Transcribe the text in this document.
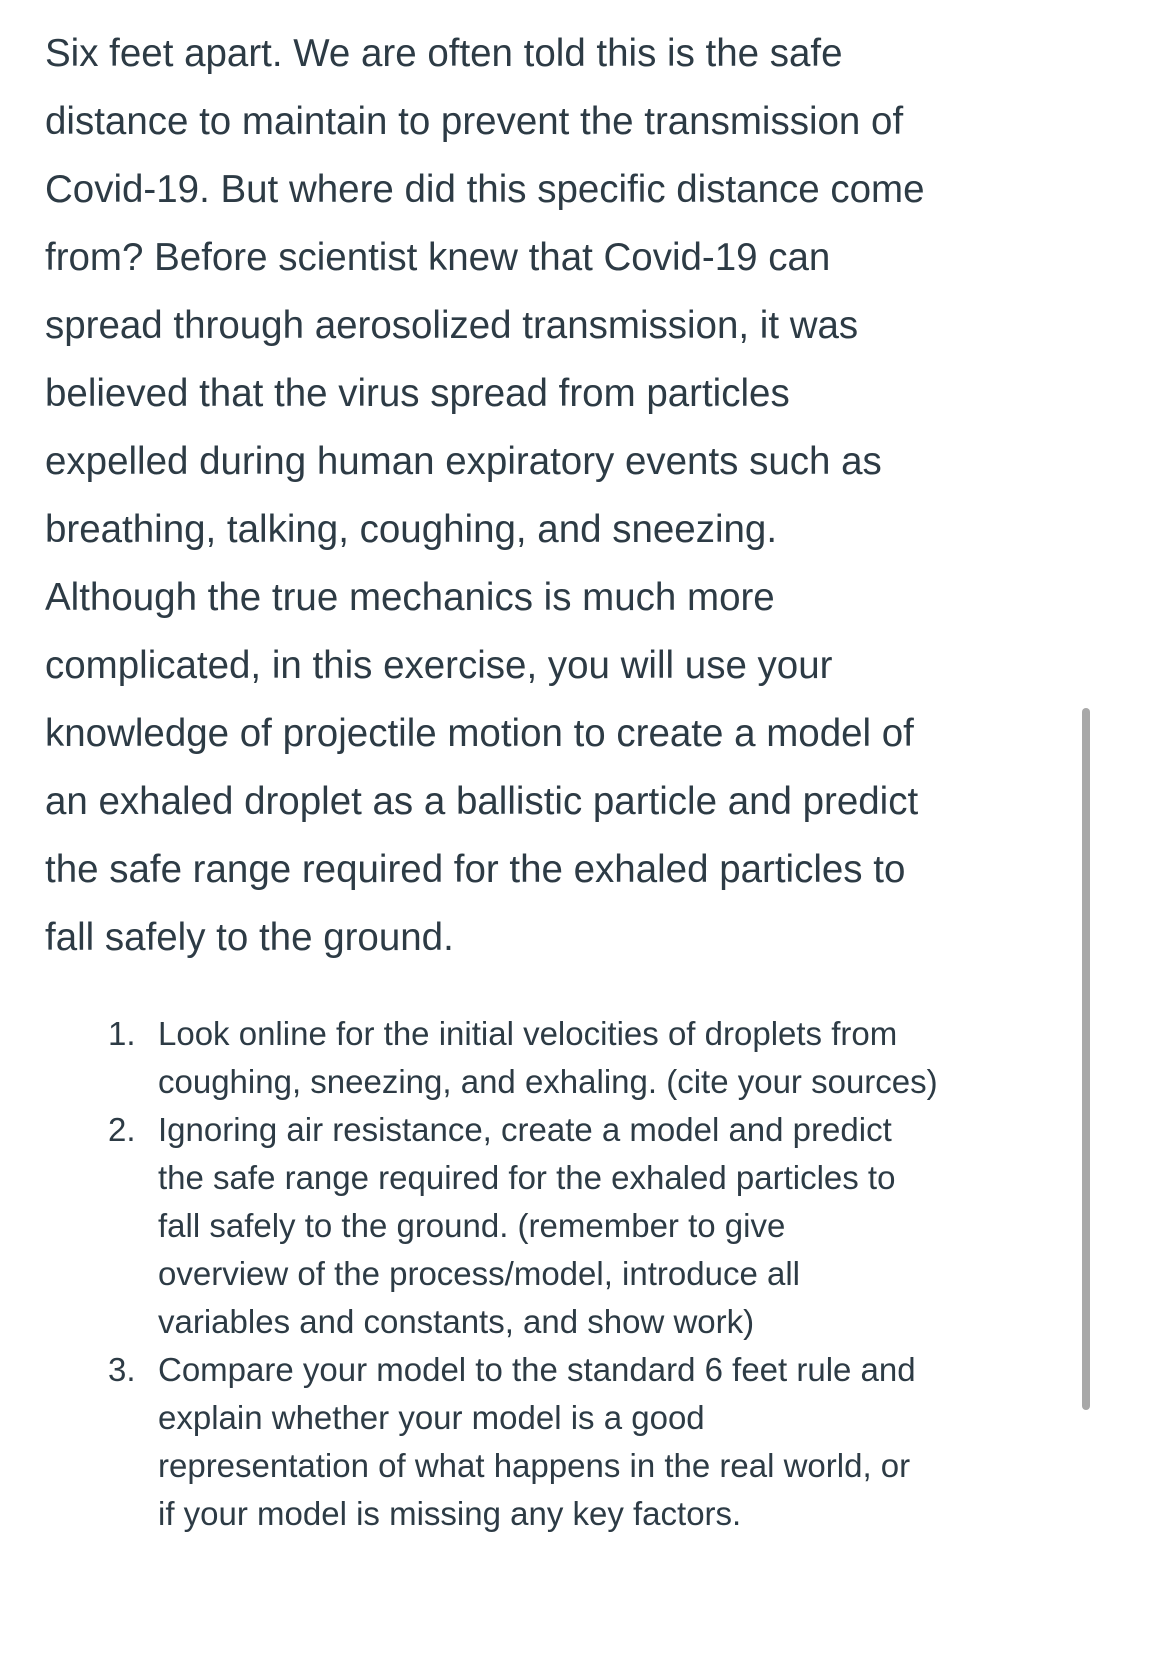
Six feet apart. We are often told this is the safe
distance to maintain to prevent the transmission of
Covid-19. But where did this specific distance come
from? Before scientist knew that Covid-19 can
spread through aerosolized transmission, it was
believed that the virus spread from particles
expelled during human expiratory events such as
breathing, talking, coughing, and sneezing.
Although the true mechanics is much more
complicated, in this exercise, you will use your
knowledge of projectile motion to create a model of
an exhaled droplet as a ballistic particle and predict
the safe range required for the exhaled particles to
fall safely to the ground.
1. Look online for the initial velocities of droplets from
coughing, sneezing, and exhaling. (cite your sources)
2. Ignoring air resistance, create a model and predict
the safe range required for the exhaled particles to
fall safely to the ground. (remember to give
overview of the process/model, introduce all
variables and constants, and show work)
3. Compare your model to the standard 6 feet rule and
explain whether your model is a good
representation of what happens in the real world, or
if your model is missing any key factors.
